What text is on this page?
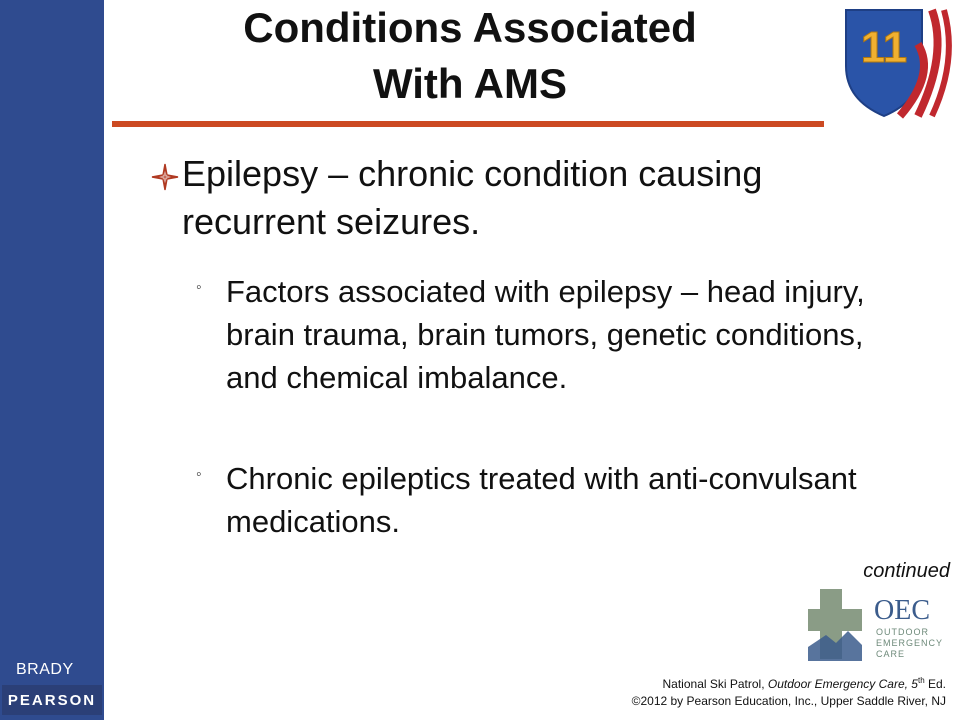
BRADY
PEARSON
Conditions Associated
With AMS
11
Epilepsy – chronic condition causing recurrent seizures.
◦ Factors associated with epilepsy – head injury, brain trauma, brain tumors, genetic conditions, and chemical imbalance.
◦ Chronic epileptics treated with anti-convulsant medications.
continued
OEC
OUTDOOR
EMERGENCY
CARE
National Ski Patrol, Outdoor Emergency Care, 5th Ed.
©2012 by Pearson Education, Inc., Upper Saddle River, NJ
